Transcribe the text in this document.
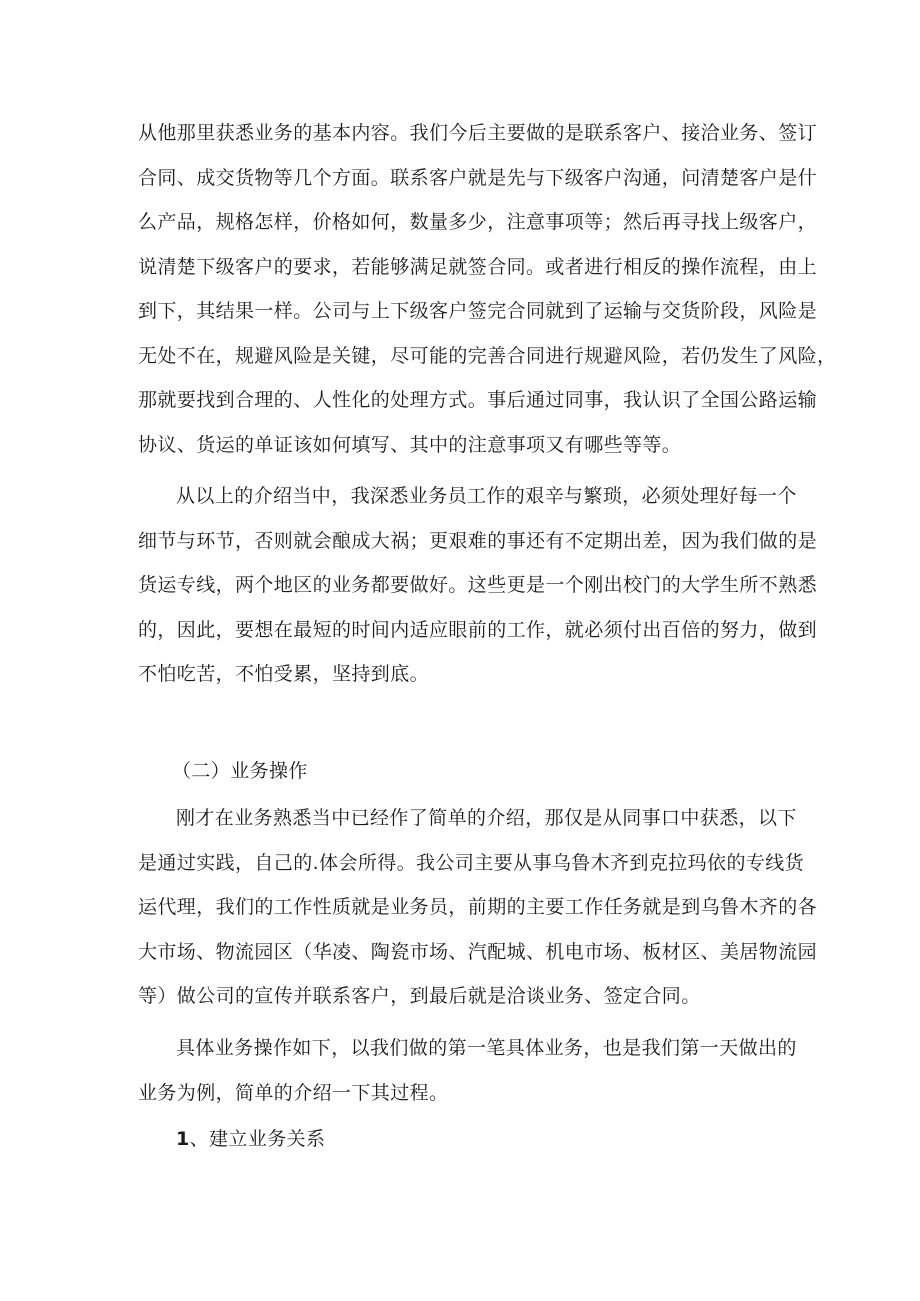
从他那里获悉业务的基本内容。我们今后主要做的是联系客户、接洽业务、签订
合同、成交货物等几个方面。联系客户就是先与下级客户沟通，问清楚客户是什
么产品，规格怎样，价格如何，数量多少，注意事项等；然后再寻找上级客户，
说清楚下级客户的要求，若能够满足就签合同。或者进行相反的操作流程，由上
到下，其结果一样。公司与上下级客户签完合同就到了运输与交货阶段，风险是
无处不在，规避风险是关键，尽可能的完善合同进行规避风险，若仍发生了风险，
那就要找到合理的、人性化的处理方式。事后通过同事，我认识了全国公路运输
协议、货运的单证该如何填写、其中的注意事项又有哪些等等。
从以上的介绍当中，我深悉业务员工作的艰辛与繁琐，必须处理好每一个
细节与环节，否则就会酿成大祸；更艰难的事还有不定期出差，因为我们做的是
货运专线，两个地区的业务都要做好。这些更是一个刚出校门的大学生所不熟悉
的，因此，要想在最短的时间内适应眼前的工作，就必须付出百倍的努力，做到
不怕吃苦，不怕受累，坚持到底。

（二）业务操作

刚才在业务熟悉当中已经作了简单的介绍，那仅是从同事口中获悉，以下
是通过实践，自己的.体会所得。我公司主要从事乌鲁木齐到克拉玛依的专线货
运代理，我们的工作性质就是业务员，前期的主要工作任务就是到乌鲁木齐的各
大市场、物流园区（华凌、陶瓷市场、汽配城、机电市场、板材区、美居物流园
等）做公司的宣传并联系客户，到最后就是洽谈业务、签定合同。
具体业务操作如下，以我们做的第一笔具体业务，也是我们第一天做出的
业务为例，简单的介绍一下其过程。

1、建立业务关系
